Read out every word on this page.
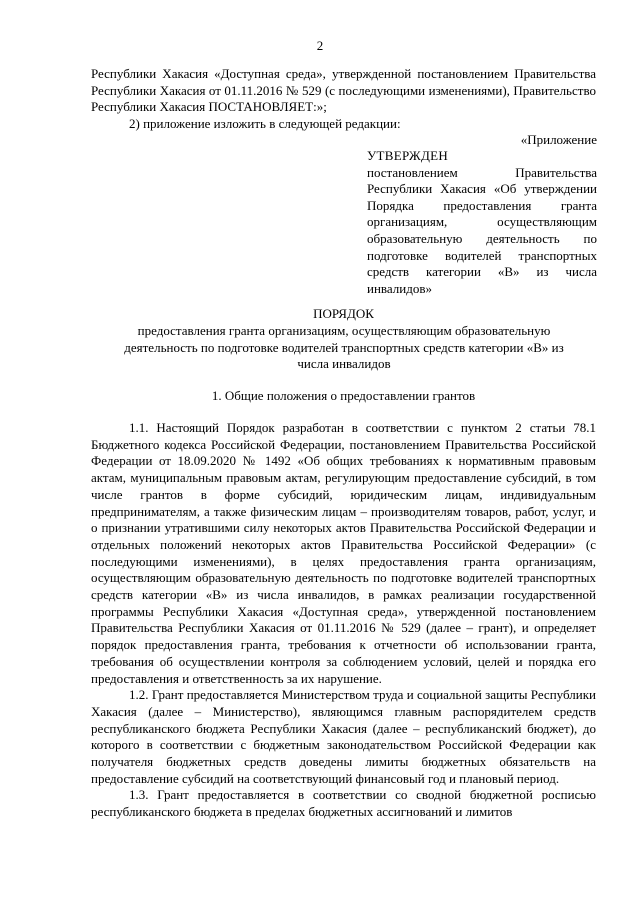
2

Республики Хакасия «Доступная среда», утвержденной постановлением Правительства Республики Хакасия от 01.11.2016 № 529 (с последующими изменениями), Правительство Республики Хакасия ПОСТАНОВЛЯЕТ:»;

2) приложение изложить в следующей редакции:

«Приложение

УТВЕРЖДЕН

постановлением Правительства Республики Хакасия «Об утверждении Порядка предоставления гранта организациям, осуществляющим образовательную деятельность по подготовке водителей транспортных средств категории «В» из числа инвалидов»

ПОРЯДОК
предоставления гранта организациям, осуществляющим образовательную деятельность по подготовке водителей транспортных средств категории «В» из числа инвалидов
1. Общие положения о предоставлении грантов

1.1. Настоящий Порядок разработан в соответствии с пунктом 2 статьи 78.1 Бюджетного кодекса Российской Федерации, постановлением Правительства Российской Федерации от 18.09.2020 № 1492 «Об общих требованиях к нормативным правовым актам, муниципальным правовым актам, регулирующим предоставление субсидий, в том числе грантов в форме субсидий, юридическим лицам, индивидуальным предпринимателям, а также физическим лицам – производителям товаров, работ, услуг, и о признании утратившими силу некоторых актов Правительства Российской Федерации и отдельных положений некоторых актов Правительства Российской Федерации» (с последующими изменениями), в целях предоставления гранта организациям, осуществляющим образовательную деятельность по подготовке водителей транспортных средств категории «В» из числа инвалидов, в рамках реализации государственной программы Республики Хакасия «Доступная среда», утвержденной постановлением Правительства Республики Хакасия от 01.11.2016 № 529 (далее – грант), и определяет порядок предоставления гранта, требования к отчетности об использовании гранта, требования об осуществлении контроля за соблюдением условий, целей и порядка его предоставления и ответственность за их нарушение.

1.2. Грант предоставляется Министерством труда и социальной защиты Республики Хакасия (далее – Министерство), являющимся главным распорядителем средств республиканского бюджета Республики Хакасия (далее – республиканский бюджет), до которого в соответствии с бюджетным законодательством Российской Федерации как получателя бюджетных средств доведены лимиты бюджетных обязательств на предоставление субсидий на соответствующий финансовый год и плановый период.

1.3. Грант предоставляется в соответствии со сводной бюджетной росписью республиканского бюджета в пределах бюджетных ассигнований и лимитов
